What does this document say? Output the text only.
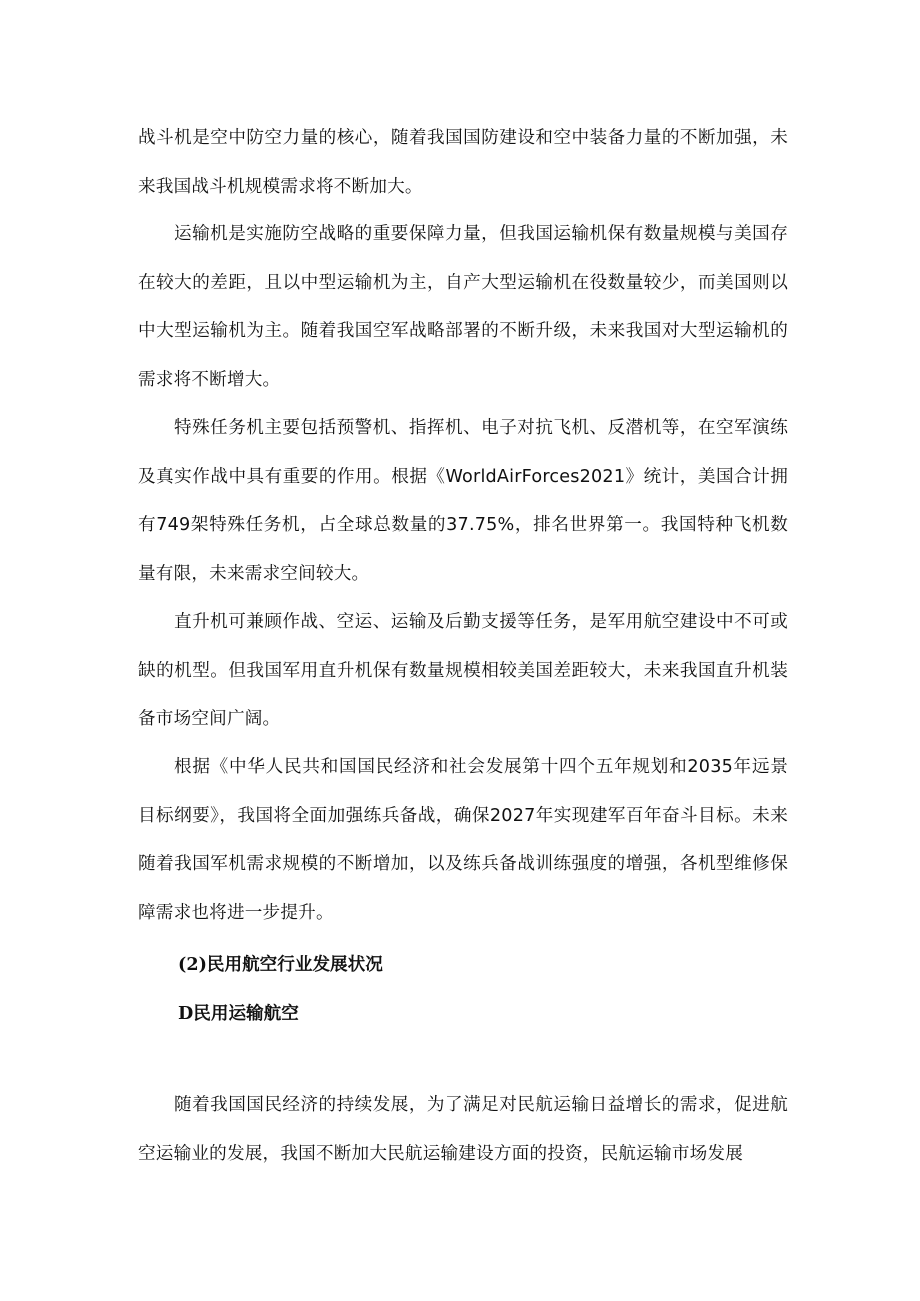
战斗机是空中防空力量的核心，随着我国国防建设和空中装备力量的不断加强，未来我国战斗机规模需求将不断加大。

运输机是实施防空战略的重要保障力量，但我国运输机保有数量规模与美国存在较大的差距，且以中型运输机为主，自产大型运输机在役数量较少，而美国则以中大型运输机为主。随着我国空军战略部署的不断升级，未来我国对大型运输机的需求将不断增大。

特殊任务机主要包括预警机、指挥机、电子对抗飞机、反潜机等，在空军演练及真实作战中具有重要的作用。根据《WorldAirForces2021》统计，美国合计拥有749架特殊任务机，占全球总数量的37.75%，排名世界第一。我国特种飞机数量有限，未来需求空间较大。

直升机可兼顾作战、空运、运输及后勤支援等任务，是军用航空建设中不可或缺的机型。但我国军用直升机保有数量规模相较美国差距较大，未来我国直升机装备市场空间广阔。

根据《中华人民共和国国民经济和社会发展第十四个五年规划和2035年远景目标纲要》，我国将全面加强练兵备战，确保2027年实现建军百年奋斗目标。未来随着我国军机需求规模的不断增加，以及练兵备战训练强度的增强，各机型维修保障需求也将进一步提升。

(2)民用航空行业发展状况
D民用运输航空

随着我国国民经济的持续发展，为了满足对民航运输日益增长的需求，促进航空运输业的发展，我国不断加大民航运输建设方面的投资，民航运输市场发展
